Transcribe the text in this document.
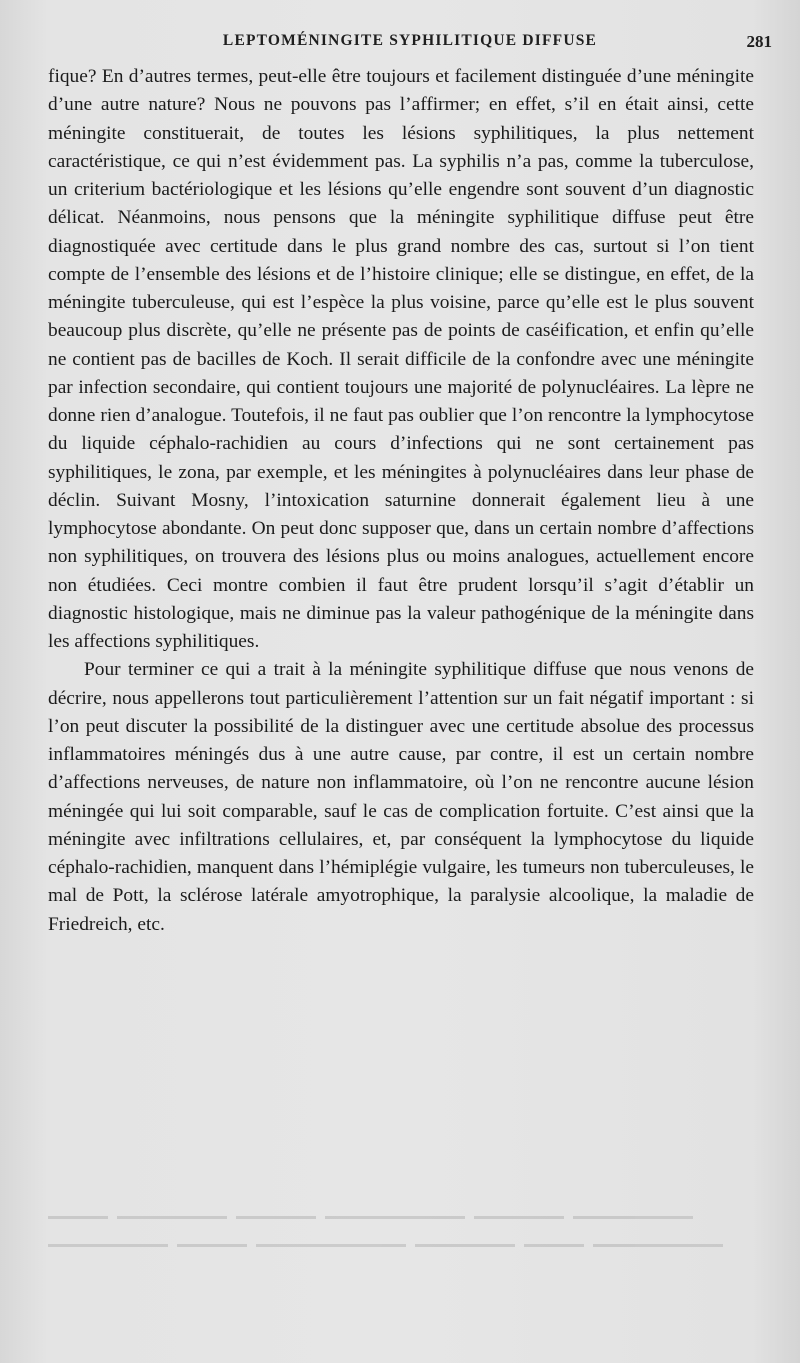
LEPTOMÉNINGITE SYPHILITIQUE DIFFUSE	281

fique? En d’autres termes, peut-elle être toujours et facilement distinguée d’une méningite d’une autre nature? Nous ne pouvons pas l’affirmer; en effet, s’il en était ainsi, cette méningite constituerait, de toutes les lésions syphilitiques, la plus nettement caractéristique, ce qui n’est évidemment pas. La syphilis n’a pas, comme la tuberculose, un criterium bactériologique et les lésions qu’elle engendre sont souvent d’un diagnostic délicat. Néanmoins, nous pensons que la méningite syphilitique diffuse peut être diagnostiquée avec certitude dans le plus grand nombre des cas, surtout si l’on tient compte de l’ensemble des lésions et de l’histoire clinique; elle se distingue, en effet, de la méningite tuberculeuse, qui est l’espèce la plus voisine, parce qu’elle est le plus souvent beaucoup plus discrète, qu’elle ne présente pas de points de caséification, et enfin qu’elle ne contient pas de bacilles de Koch. Il serait difficile de la confondre avec une méningite par infection secondaire, qui contient toujours une majorité de polynucléaires. La lèpre ne donne rien d’analogue. Toutefois, il ne faut pas oublier que l’on rencontre la lymphocytose du liquide céphalo-rachidien au cours d’infections qui ne sont certainement pas syphilitiques, le zona, par exemple, et les méningites à polynucléaires dans leur phase de déclin. Suivant Mosny, l’intoxication saturnine donnerait également lieu à une lymphocytose abondante. On peut donc supposer que, dans un certain nombre d’affections non syphilitiques, on trouvera des lésions plus ou moins analogues, actuellement encore non étudiées. Ceci montre combien il faut être prudent lorsqu’il s’agit d’établir un diagnostic histologique, mais ne diminue pas la valeur pathogénique de la méningite dans les affections syphilitiques.

Pour terminer ce qui a trait à la méningite syphilitique diffuse que nous venons de décrire, nous appellerons tout particulièrement l’attention sur un fait négatif important : si l’on peut discuter la possibilité de la distinguer avec une certitude absolue des processus inflammatoires méningés dus à une autre cause, par contre, il est un certain nombre d’affections nerveuses, de nature non inflammatoire, où l’on ne rencontre aucune lésion méningée qui lui soit comparable, sauf le cas de complication fortuite. C’est ainsi que la méningite avec infiltrations cellulaires, et, par conséquent la lymphocytose du liquide céphalo-rachidien, manquent dans l’hémiplégie vulgaire, les tumeurs non tuberculeuses, le mal de Pott, la sclérose latérale amyotrophique, la paralysie alcoolique, la maladie de Friedreich, etc.
